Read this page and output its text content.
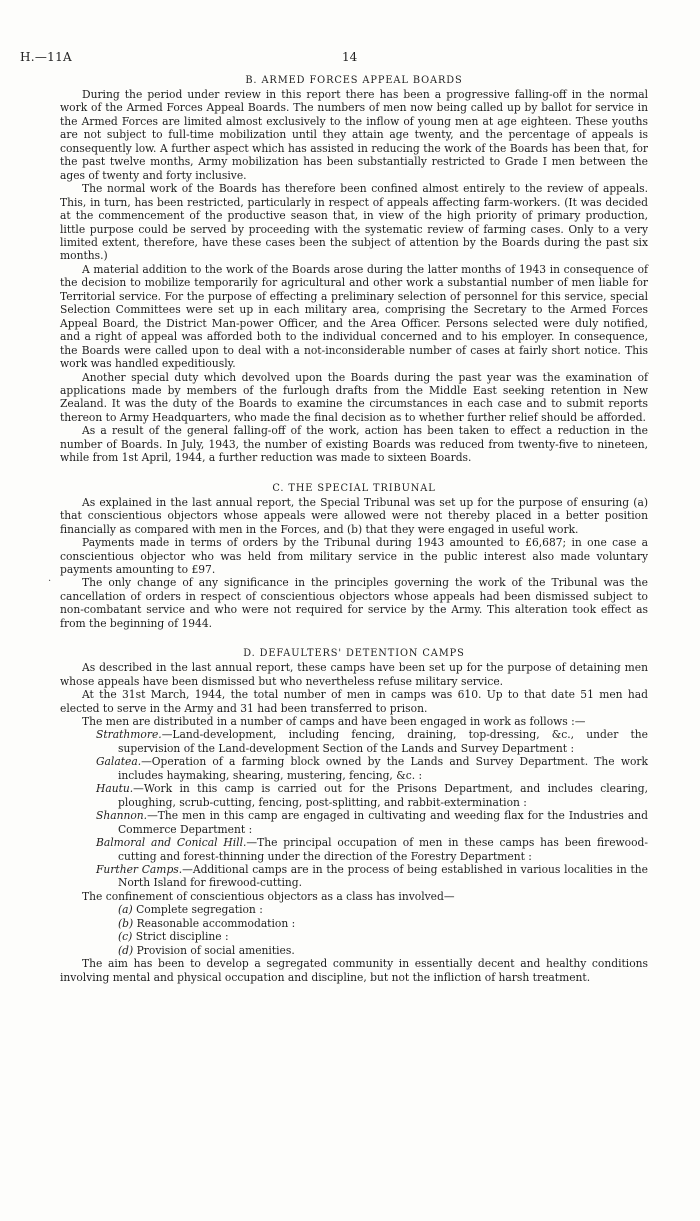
H.—11A	14
·
B. ARMED FORCES APPEAL BOARDS

During the period under review in this report there has been a progressive falling-off in the normal work of the Armed Forces Appeal Boards. The numbers of men now being called up by ballot for service in the Armed Forces are limited almost exclusively to the inflow of young men at age eighteen. These youths are not subject to full-time mobilization until they attain age twenty, and the percentage of appeals is consequently low. A further aspect which has assisted in reducing the work of the Boards has been that, for the past twelve months, Army mobilization has been substantially restricted to Grade I men between the ages of twenty and forty inclusive.

The normal work of the Boards has therefore been confined almost entirely to the review of appeals. This, in turn, has been restricted, particularly in respect of appeals affecting farm-workers. (It was decided at the commencement of the productive season that, in view of the high priority of primary production, little purpose could be served by proceeding with the systematic review of farming cases. Only to a very limited extent, therefore, have these cases been the subject of attention by the Boards during the past six months.)

A material addition to the work of the Boards arose during the latter months of 1943 in consequence of the decision to mobilize temporarily for agricultural and other work a substantial number of men liable for Territorial service. For the purpose of effecting a preliminary selection of personnel for this service, special Selection Committees were set up in each military area, comprising the Secretary to the Armed Forces Appeal Board, the District Man-power Officer, and the Area Officer. Persons selected were duly notified, and a right of appeal was afforded both to the individual concerned and to his employer. In consequence, the Boards were called upon to deal with a not-inconsiderable number of cases at fairly short notice. This work was handled expeditiously.

Another special duty which devolved upon the Boards during the past year was the examination of applications made by members of the furlough drafts from the Middle East seeking retention in New Zealand. It was the duty of the Boards to examine the circumstances in each case and to submit reports thereon to Army Headquarters, who made the final decision as to whether further relief should be afforded.

As a result of the general falling-off of the work, action has been taken to effect a reduction in the number of Boards. In July, 1943, the number of existing Boards was reduced from twenty-five to nineteen, while from 1st April, 1944, a further reduction was made to sixteen Boards.

C. THE SPECIAL TRIBUNAL

As explained in the last annual report, the Special Tribunal was set up for the purpose of ensuring (a) that conscientious objectors whose appeals were allowed were not thereby placed in a better position financially as compared with men in the Forces, and (b) that they were engaged in useful work.

Payments made in terms of orders by the Tribunal during 1943 amounted to £6,687; in one case a conscientious objector who was held from military service in the public interest also made voluntary payments amounting to £97.

The only change of any significance in the principles governing the work of the Tribunal was the cancellation of orders in respect of conscientious objectors whose appeals had been dismissed subject to non-combatant service and who were not required for service by the Army. This alteration took effect as from the beginning of 1944.

D. DEFAULTERS' DETENTION CAMPS

As described in the last annual report, these camps have been set up for the purpose of detaining men whose appeals have been dismissed but who nevertheless refuse military service.

At the 31st March, 1944, the total number of men in camps was 610. Up to that date 51 men had elected to serve in the Army and 31 had been transferred to prison.

The men are distributed in a number of camps and have been engaged in work as follows :—

Strathmore.—Land-development, including fencing, draining, top-dressing, &c., under the supervision of the Land-development Section of the Lands and Survey Department :
Galatea.—Operation of a farming block owned by the Lands and Survey Department. The work includes haymaking, shearing, mustering, fencing, &c. :
Hautu.—Work in this camp is carried out for the Prisons Department, and includes clearing, ploughing, scrub-cutting, fencing, post-splitting, and rabbit-extermination :
Shannon.—The men in this camp are engaged in cultivating and weeding flax for the Industries and Commerce Department :
Balmoral and Conical Hill.—The principal occupation of men in these camps has been firewood-cutting and forest-thinning under the direction of the Forestry Department :
Further Camps.—Additional camps are in the process of being established in various localities in the North Island for firewood-cutting.

The confinement of conscientious objectors as a class has involved—

(a) Complete segregation :
(b) Reasonable accommodation :
(c) Strict discipline :
(d) Provision of social amenities.

The aim has been to develop a segregated community in essentially decent and healthy conditions involving mental and physical occupation and discipline, but not the infliction of harsh treatment.
